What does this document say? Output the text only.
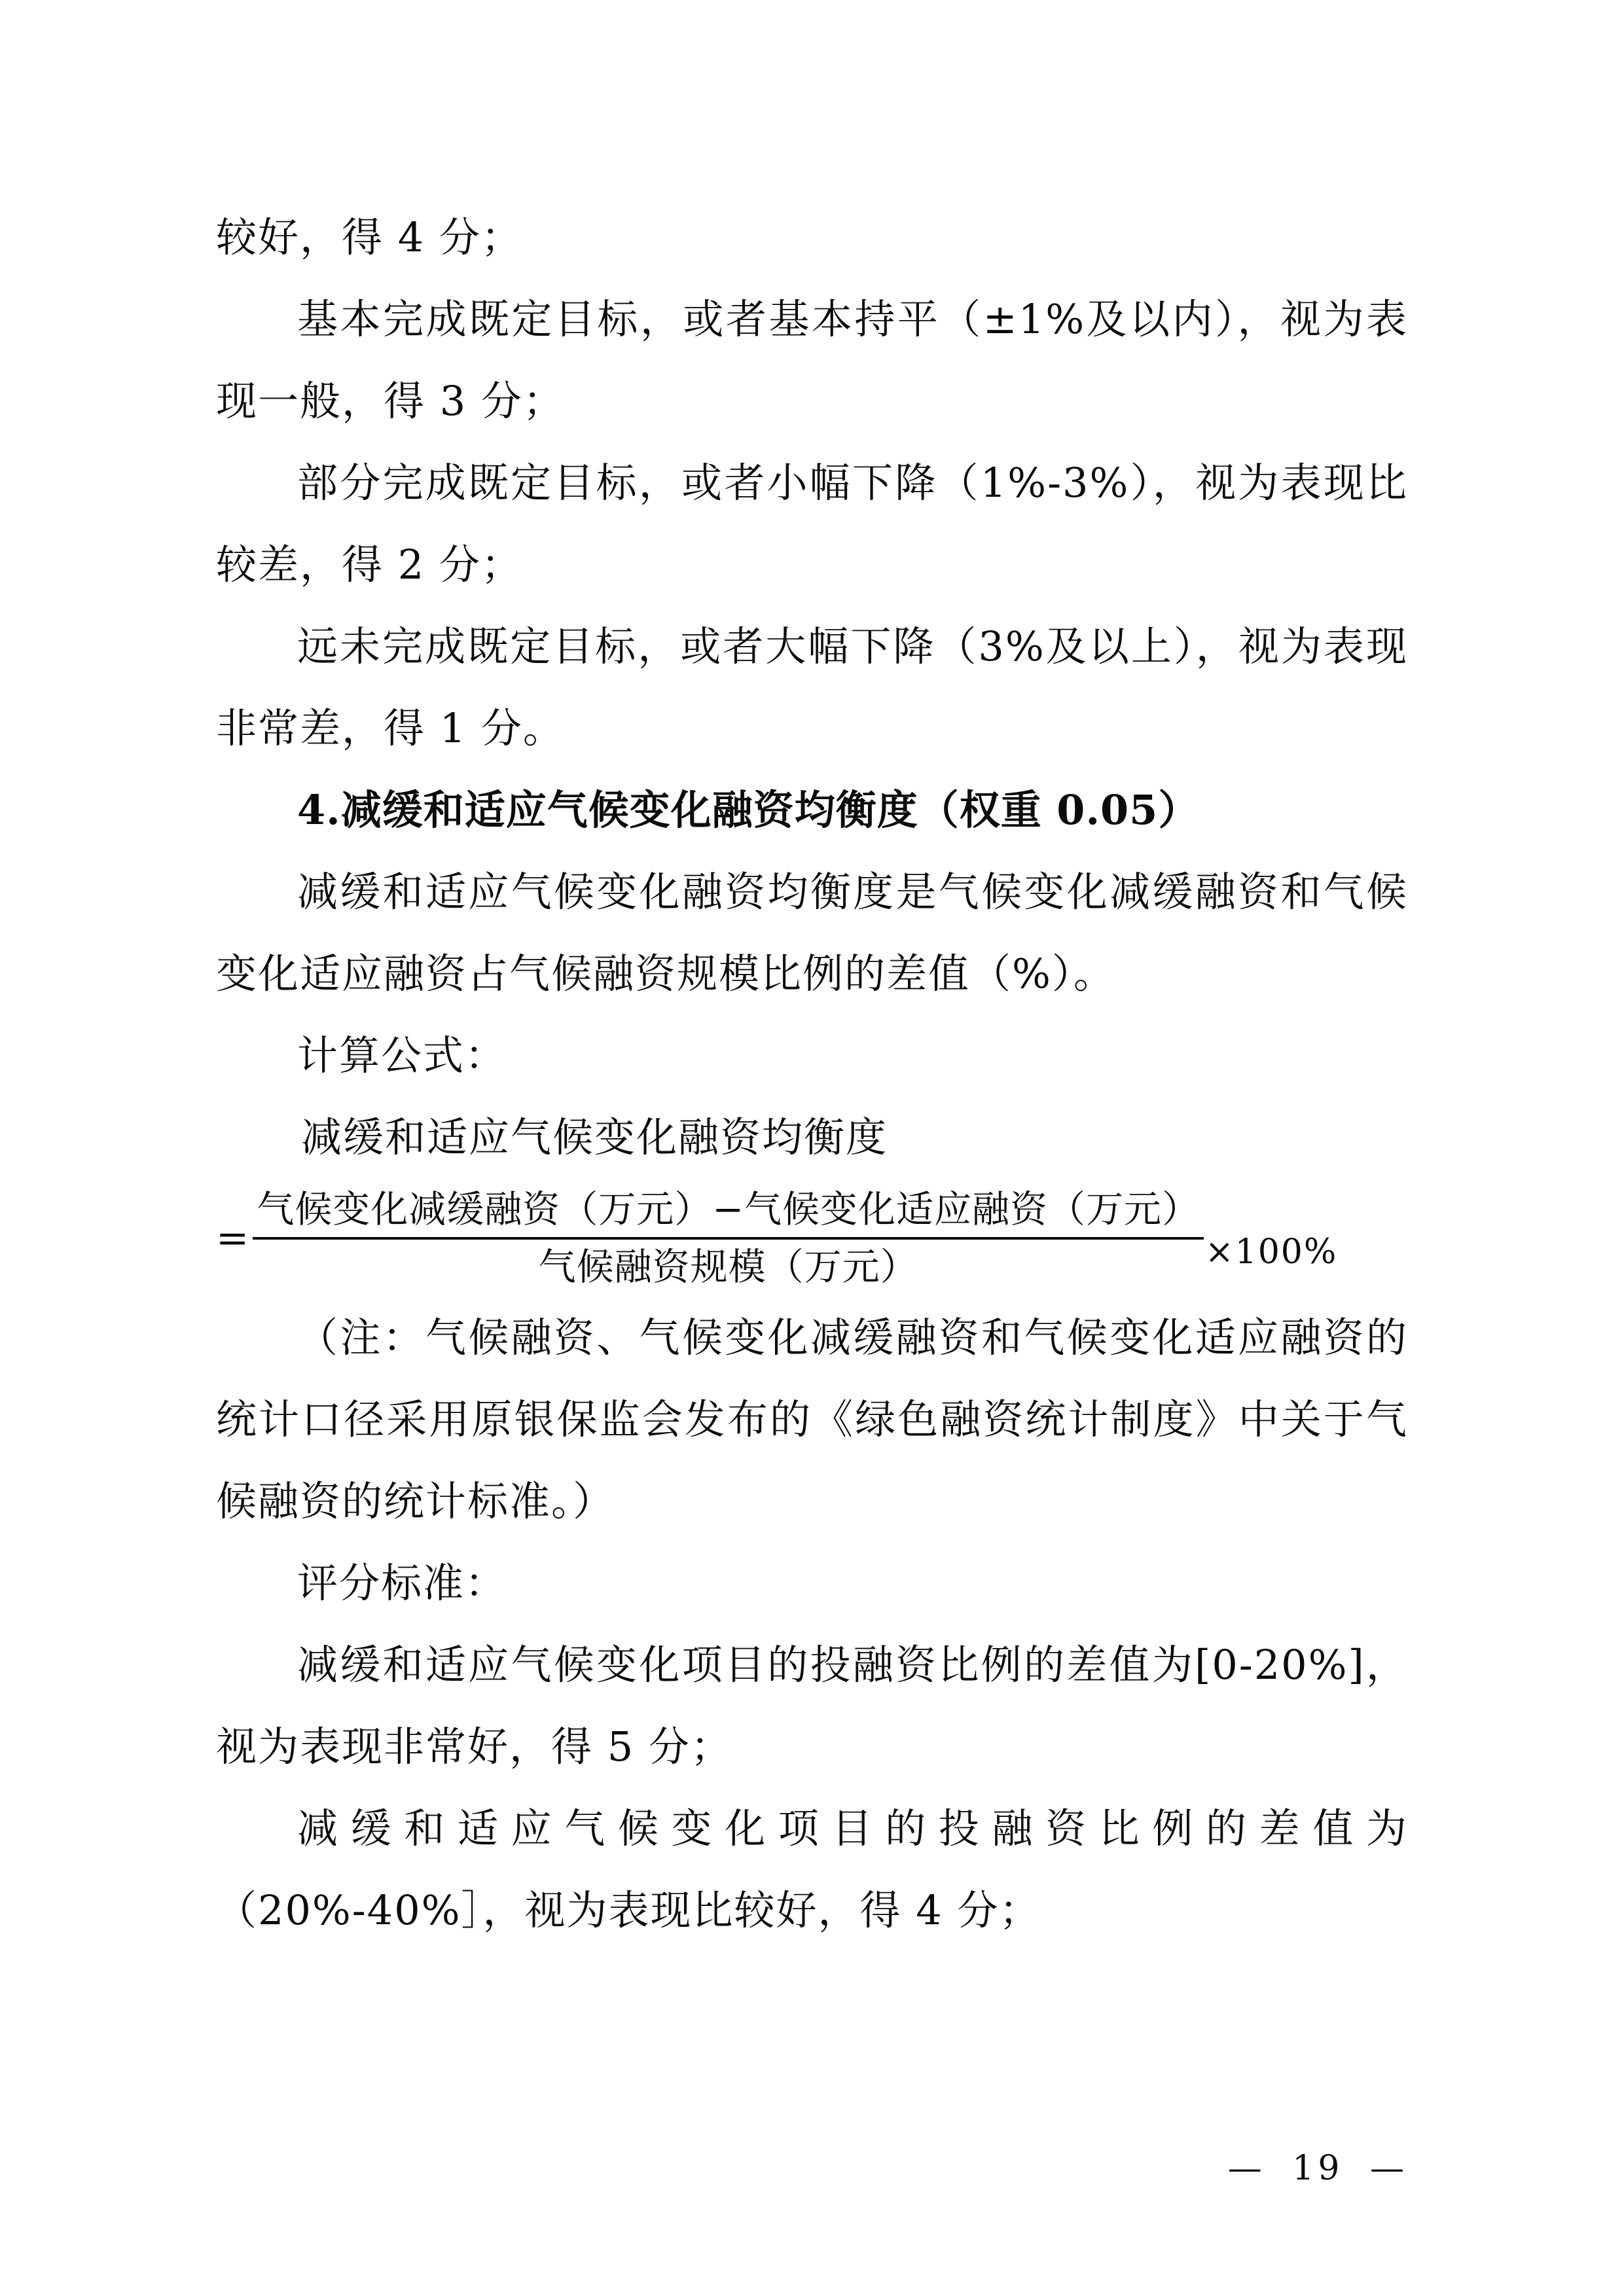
较好，得 4 分；

基本完成既定目标，或者基本持平（±1%及以内），视为表现一般，得 3 分；

部分完成既定目标，或者小幅下降（1%-3%），视为表现比较差，得 2 分；

远未完成既定目标，或者大幅下降（3%及以上），视为表现非常差，得 1 分。

4.减缓和适应气候变化融资均衡度（权重 0.05）

减缓和适应气候变化融资均衡度是气候变化减缓融资和气候变化适应融资占气候融资规模比例的差值（%）。

计算公式：

减缓和适应气候变化融资均衡度

= $\frac{\text{气候变化减缓融资（万元）−气候变化适应融资（万元）}}{\text{气候融资规模（万元）}} \times 100\%$

（注：气候融资、气候变化减缓融资和气候变化适应融资的统计口径采用原银保监会发布的《绿色融资统计制度》中关于气候融资的统计标准。）

评分标准：

减缓和适应气候变化项目的投融资比例的差值为[0-20%]，视为表现非常好，得 5 分；

减缓和适应气候变化项目的投融资比例的差值为（20%-40%］，视为表现比较好，得 4 分；

— 19 —
